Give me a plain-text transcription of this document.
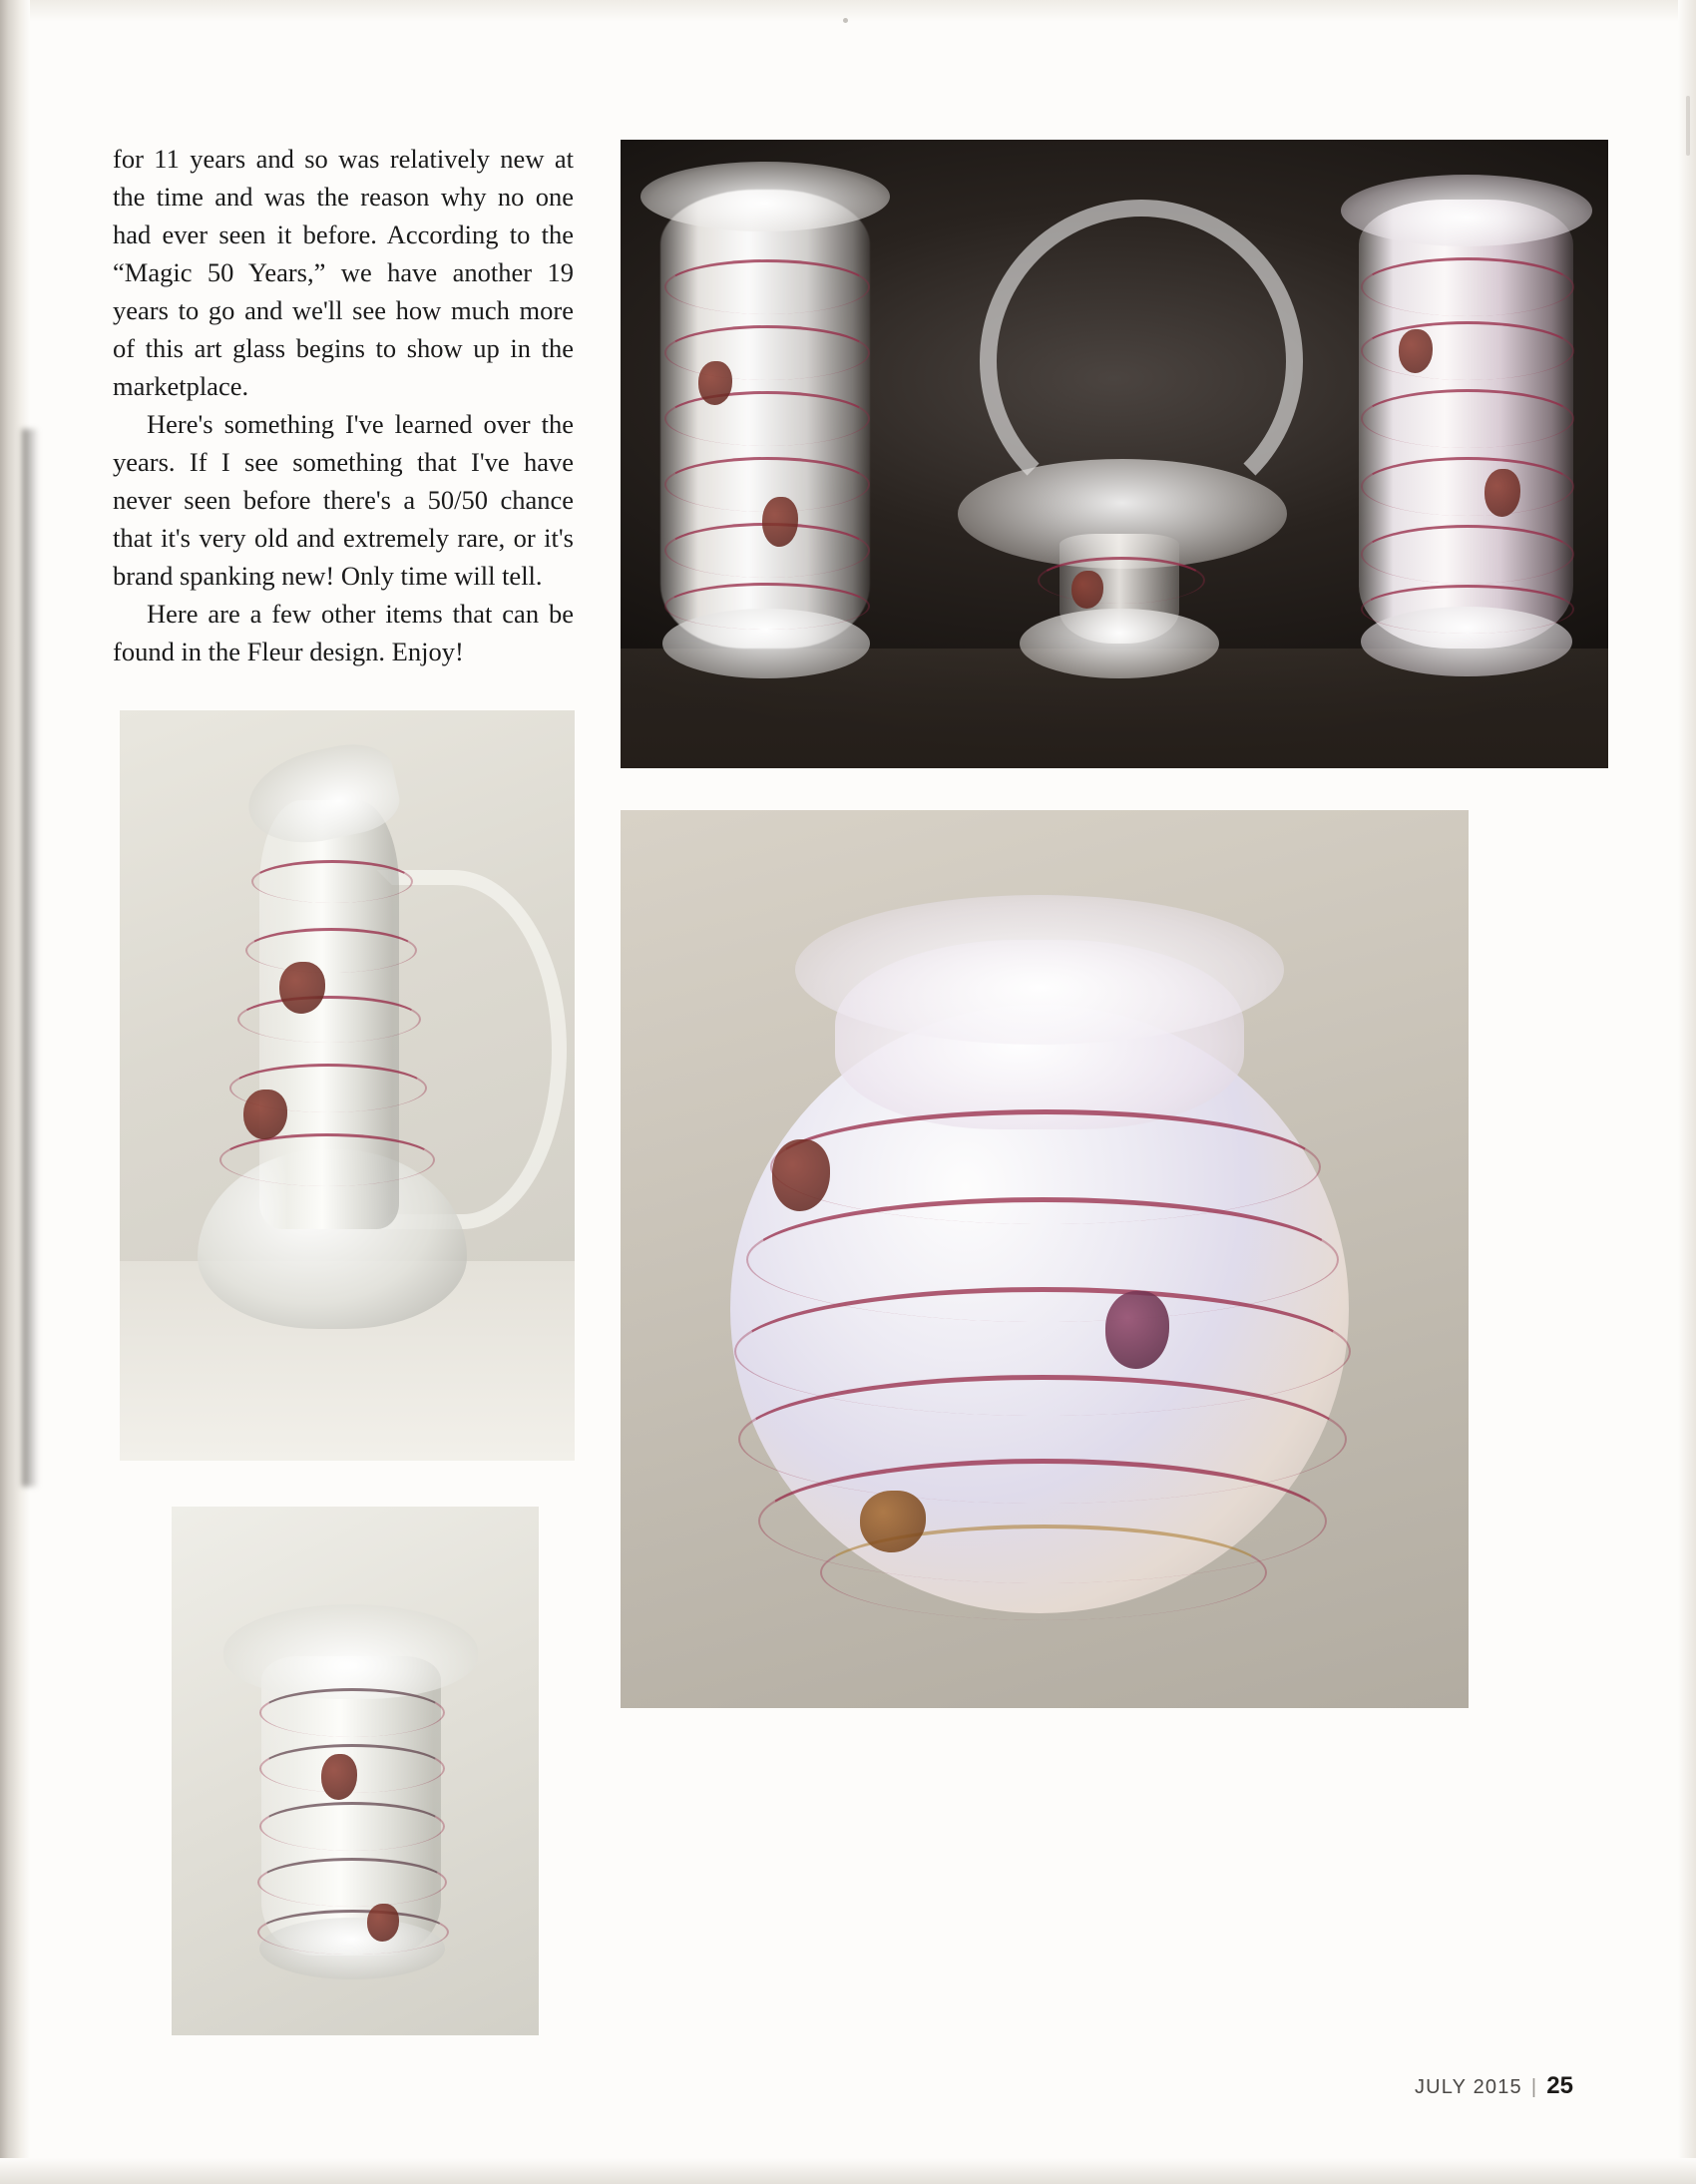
for 11 years and so was relatively new at the time and was the reason why no one had ever seen it before. According to the “Magic 50 Years,” we have another 19 years to go and we'll see how much more of this art glass begins to show up in the marketplace.

Here's something I've learned over the years. If I see something that I've have never seen before there's a 50/50 chance that it's very old and extremely rare, or it's brand spanking new! Only time will tell.

Here are a few other items that can be found in the Fleur design. Enjoy!

JULY 2015 | 25
